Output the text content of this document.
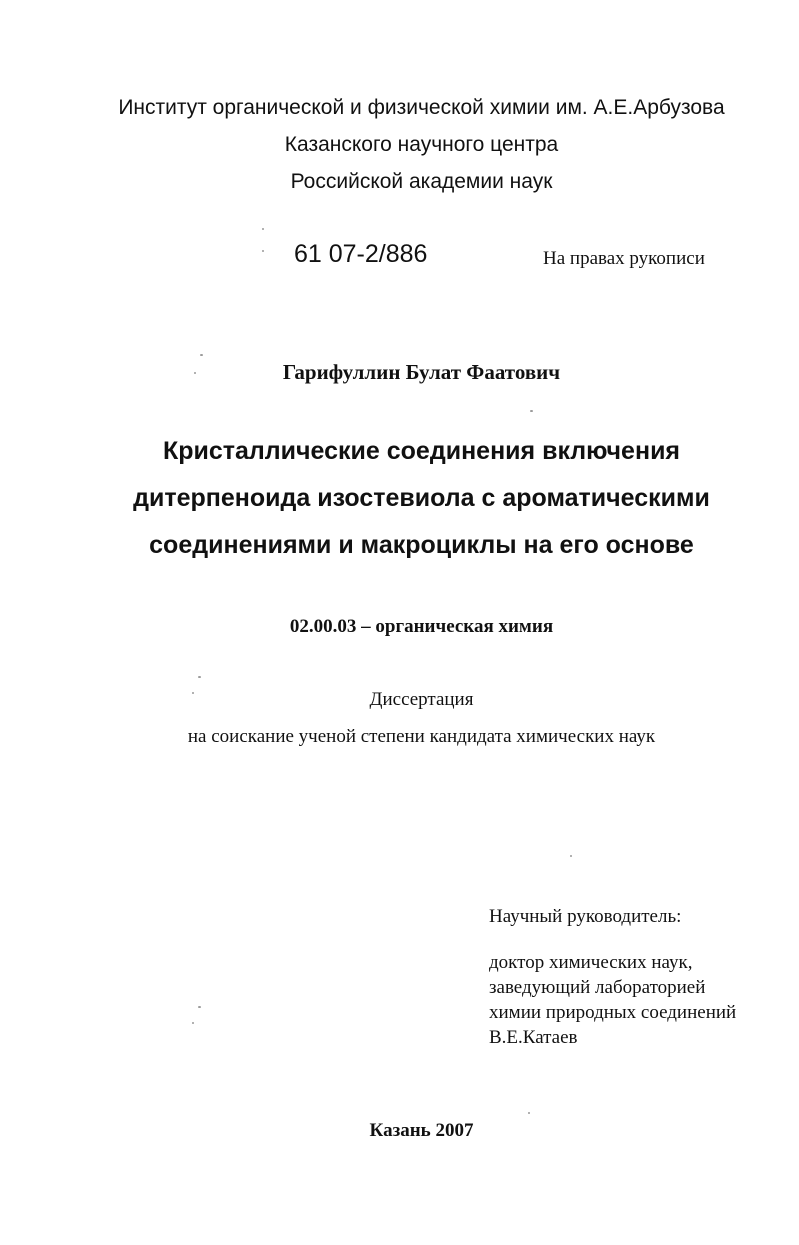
Институт органической и физической химии им. А.Е.Арбузова
Казанского научного центра
Российской академии наук
61 07-2/886	На правах рукописи
Гарифуллин Булат Фаатович
Кристаллические соединения включения
дитерпеноида изостевиола с ароматическими
соединениями и макроциклы на его основе
02.00.03 – органическая химия
Диссертация
на соискание ученой степени кандидата химических наук
Научный руководитель:
доктор химических наук,
заведующий лабораторией
химии природных соединений
В.Е.Катаев
Казань 2007
